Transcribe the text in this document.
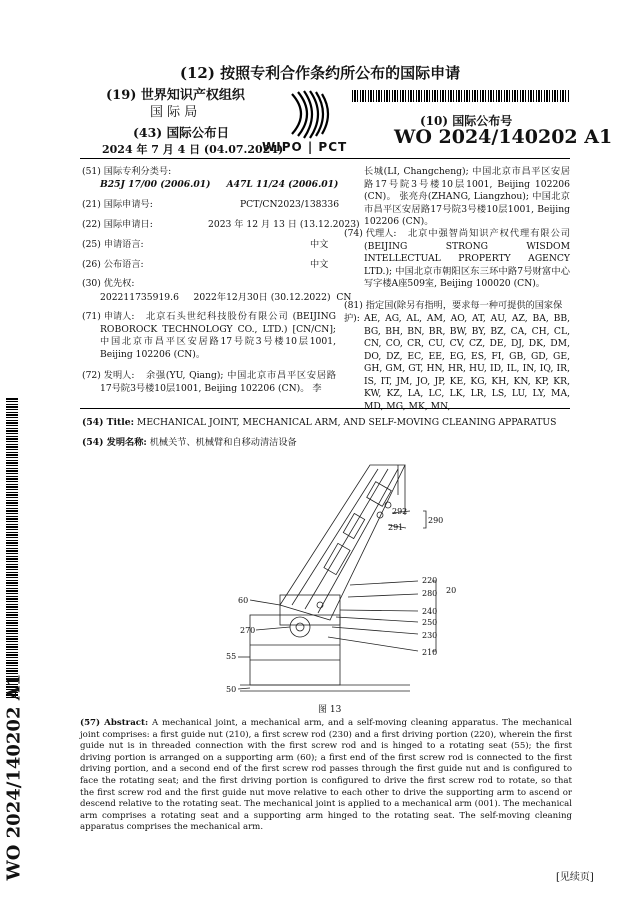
(12) 按照专利合作条约所公布的国际申请
(19) 世界知识产权组织
国 际 局
(43) 国际公布日
2024 年 7 月 4 日 (04.07.2024)
WIPO | PCT
(10) 国际公布号
WO 2024/140202 A1
(51) 国际专利分类号:
B25J 17/00 (2006.01)     A47L 11/24 (2006.01)
(21) 国际申请号:	PCT/CN2023/138336
(22) 国际申请日:	2023 年 12 月 13 日 (13.12.2023)
(25) 申请语言:	中文
(26) 公布语言:	中文
(30) 优先权:
202211735919.6     2022年12月30日 (30.12.2022)  CN
(71) 申请人:	北京石头世纪科技股份有限公司 (BEIJING ROBOROCK TECHNOLOGY CO., LTD.) [CN/CN]; 中国北京市昌平区安居路17号院3号楼10层1001, Beijing 102206 (CN)。
(72) 发明人:	余强(YU, Qiang); 中国北京市昌平区安居路17号院3号楼10层1001, Beijing 102206 (CN)。 李
长城(LI, Changcheng); 中国北京市昌平区安居路17号院3号楼10层1001, Beijing 102206 (CN)。 张亮舟(ZHANG, Liangzhou); 中国北京市昌平区安居路17号院3号楼10层1001, Beijing 102206 (CN)。
(74) 代理人:	北京中强智尚知识产权代理有限公司 (BEIJING STRONG WISDOM INTELLECTUAL PROPERTY AGENCY LTD.); 中国北京市朝阳区东三环中路7号财富中心写字楼A座509室, Beijing 100020 (CN)。
(81) 指定国(除另有指明，要求每一种可提供的国家保护): AE, AG, AL, AM, AO, AT, AU, AZ, BA, BB, BG, BH, BN, BR, BW, BY, BZ, CA, CH, CL, CN, CO, CR, CU, CV, CZ, DE, DJ, DK, DM, DO, DZ, EC, EE, EG, ES, FI, GB, GD, GE, GH, GM, GT, HN, HR, HU, ID, IL, IN, IQ, IR, IS, IT, JM, JO, JP, KE, KG, KH, KN, KP, KR, KW, KZ, LA, LC, LK, LR, LS, LU, LY, MA, MD, MG, MK, MN,
(54) Title: MECHANICAL JOINT, MECHANICAL ARM, AND SELF-MOVING CLEANING APPARATUS
(54) 发明名称: 机械关节、机械臂和自移动清洁设备
292
291
290
220
280 20
60
240
250
270
230
55	210
50
图 13
(57) Abstract: A mechanical joint, a mechanical arm, and a self-moving cleaning apparatus. The mechanical joint comprises: a first guide nut (210), a first screw rod (230) and a first driving portion (220), wherein the first guide nut is in threaded connection with the first screw rod and is hinged to a rotating seat (55); the first driving portion is arranged on a supporting arm (60); a first end of the first screw rod is connected to the first driving portion, and a second end of the first screw rod passes through the first guide nut and is configured to face the rotating seat; and the first driving portion is configured to drive the first screw rod to rotate, so that the first screw rod and the first guide nut move relative to each other to drive the supporting arm to ascend or descend relative to the rotating seat. The mechanical joint is applied to a mechanical arm (001). The mechanical arm comprises a rotating seat and a supporting arm hinged to the rotating seat. The self-moving cleaning apparatus comprises the mechanical arm.
WO 2024/140202 A1	[见续页]
